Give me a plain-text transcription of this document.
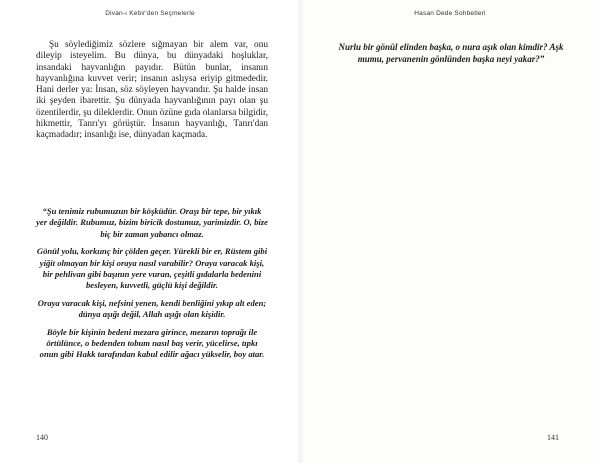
Divan-ı Kebir'den Seçmelerle

Şu söylediğimiz sözlere sığmayan bir alem var, onu dileyip isteyelim. Bu dünya, bu dünyadaki hoşluklar, insandaki hayvanlığın payıdır. Bütün bunlar, insanın hayvanlığına kuvvet verir; insanın aslıysa eriyip gitmededir. Hani derler ya: İnsan, söz söyleyen hayvandır. Şu halde insan iki şeyden ibarettir. Şu dünyada hayvanlığının payı olan şu özentilerdir, şu dileklerdir. Onun özüne gıda olanlarsa bilgidir, hikmettir, Tanrı'yı görüştür. İnsanın hayvanlığı, Tanrı'dan kaçmadadır; insanlığı ise, dünyadan kaçmada.

“Şu tenimiz rubumuzun bir köşküdür. Oraşı bir tepe, bir yıkık yer değildir. Rubumuz, bizim biricik dostumuz, yarimizdir. O, bize biç bir zaman yabancı olmaz.

Gönül yolu, korkunç bir çölden geçer. Yürekli bir er, Rüstem gibi yiğit olmayan bir kişi oraya nasıl varabilir? Oraya varacak kişi, bir pehlivan gibi başının yere vuran, çeşitli gıdalarla bedenini besleyen, kuvvetli, güçlü kişi değildir.

Oraya varacak kişi, nefsini yenen, kendi benliğini yıkıp alt eden; dünya aşığı değil, Allah aşığı olan kişidir.

Böyle bir kişinin bedeni mezara girince, mezarın toprağı ile örtülünce, o bedenden tobum nasıl baş verir, yücelirse, tıpkı onun gibi Hakk tarafından kabul edilir ağacı yükselir, boy atar.

140
Hasan Dede Sohbetleri

Nurlu bir gönül elinden başka, o nura aşık olan kimdir? Aşk mumu, pervanenin gönlünden başka neyi yakar?”

141
